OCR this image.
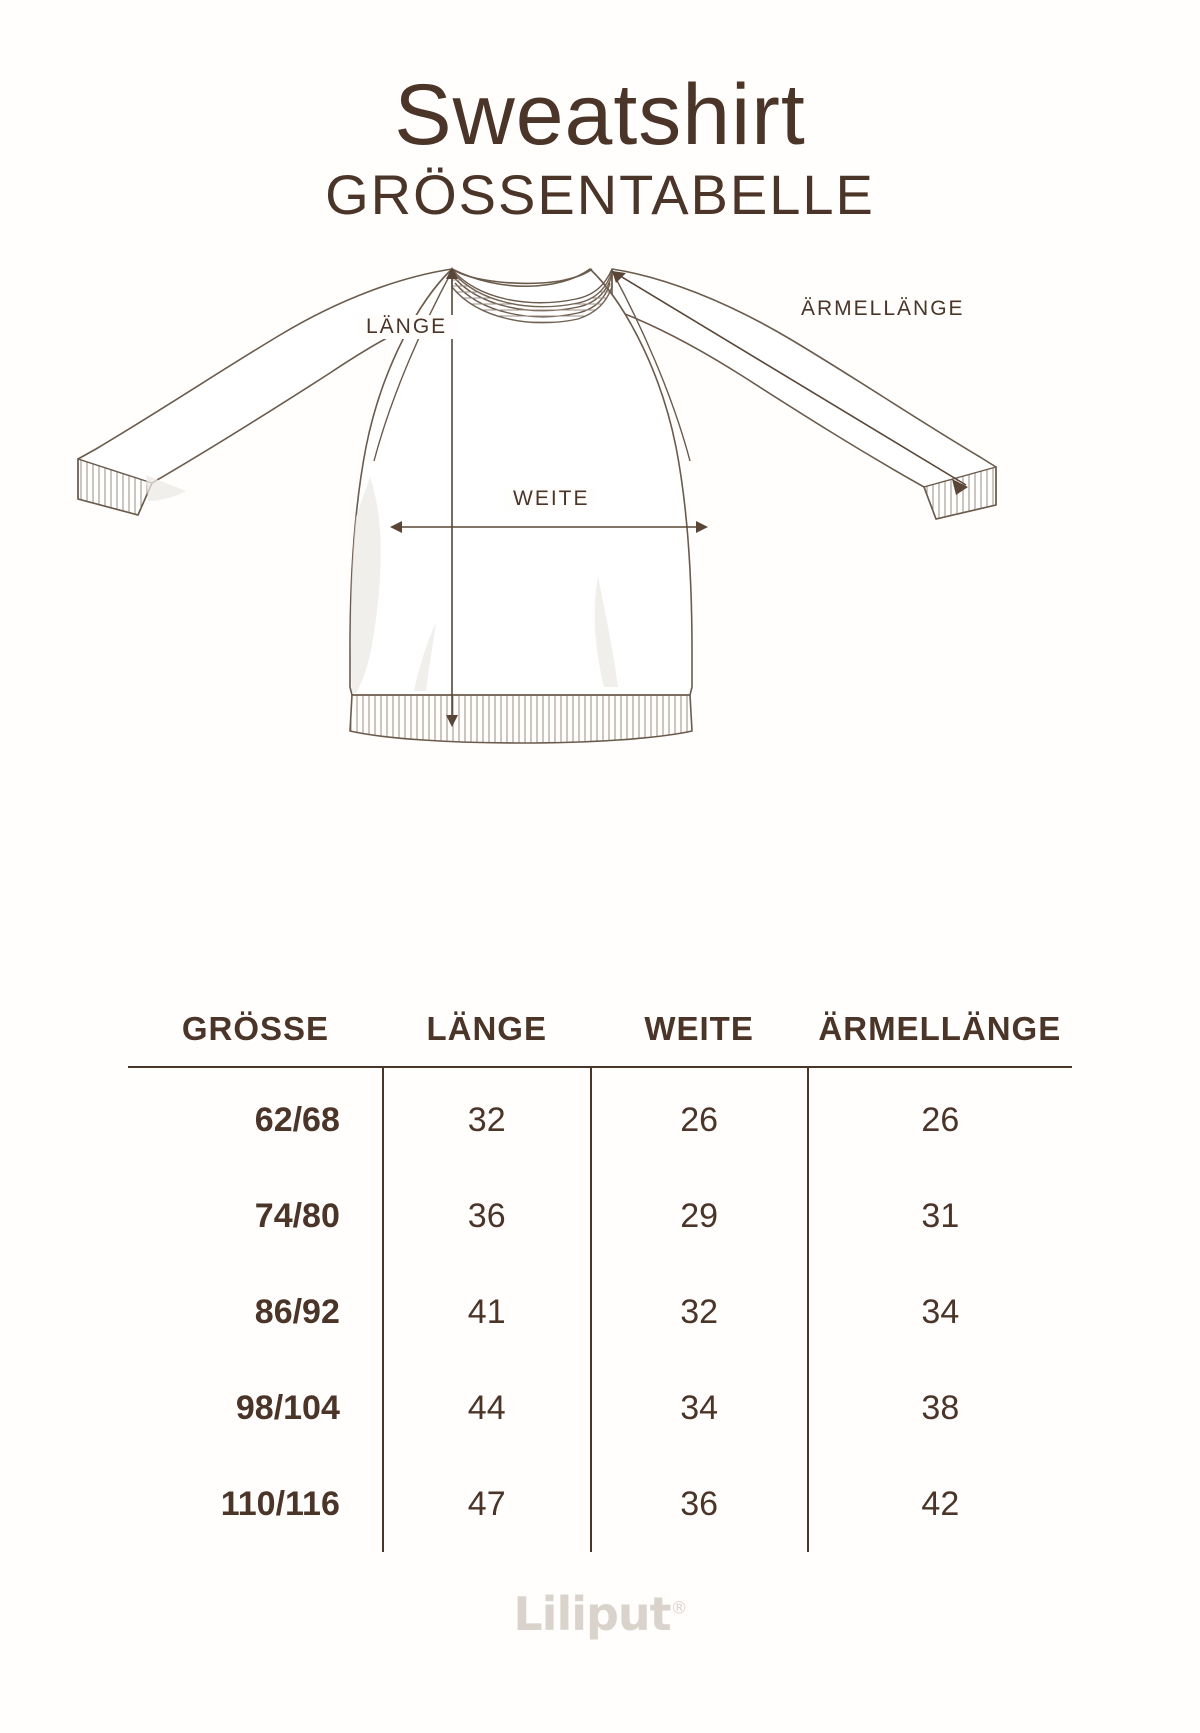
Sweatshirt
GRÖSSENTABELLE
LÄNGE
ÄRMELLÄNGE
WEITE
GRÖSSE	LÄNGE	WEITE	ÄRMELLÄNGE
62/68	32	26	26
74/80	36	29	31
86/92	41	32	34
98/104	44	34	38
110/116	47	36	42
Liliput®
